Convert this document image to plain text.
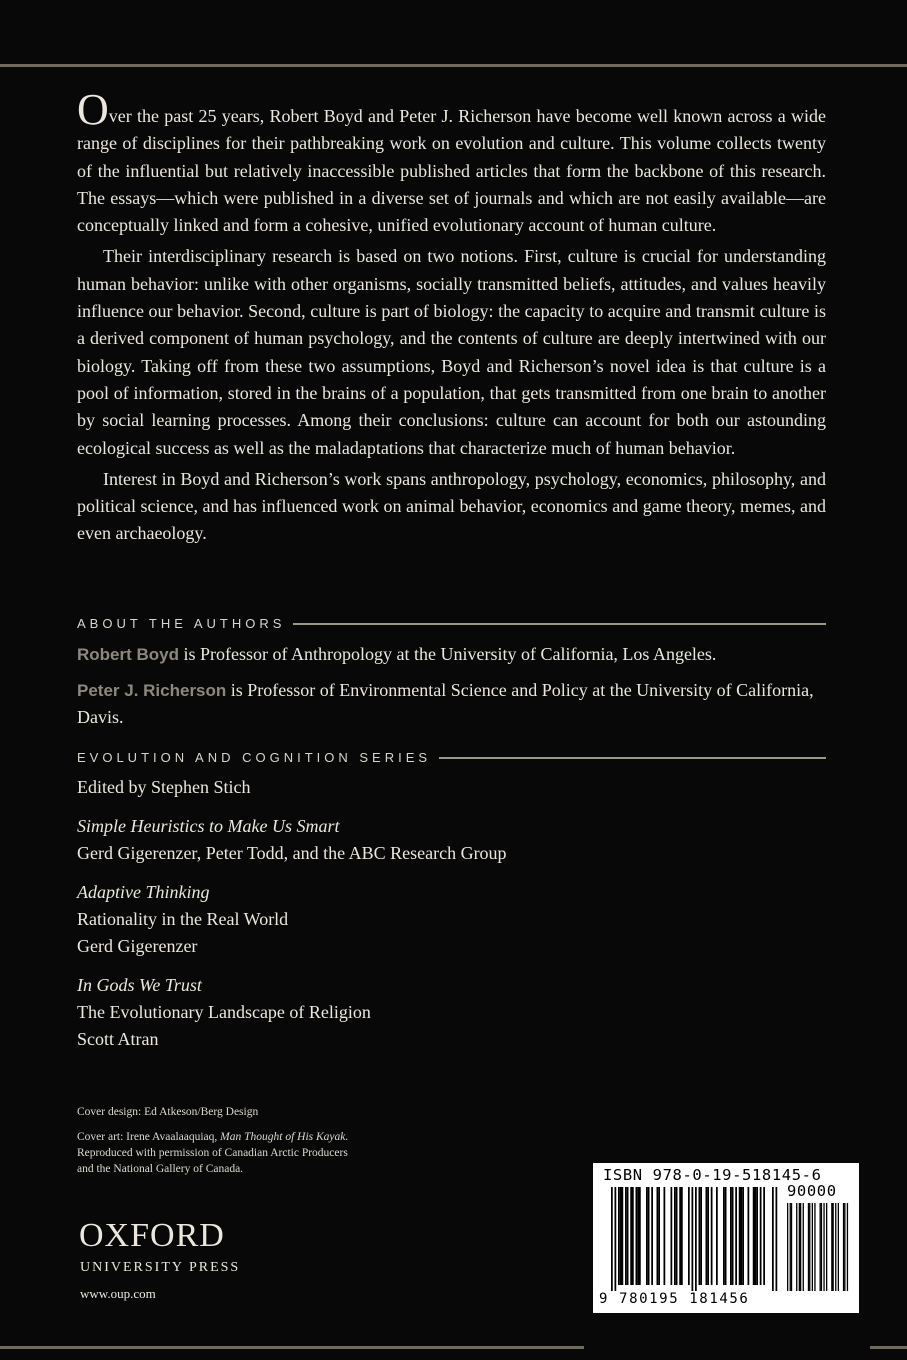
Over the past 25 years, Robert Boyd and Peter J. Richerson have become well known across a wide range of disciplines for their pathbreaking work on evolution and culture. This volume collects twenty of the influential but relatively inaccessible published articles that form the backbone of this research. The essays—which were published in a diverse set of journals and which are not easily available—are conceptually linked and form a cohesive, unified evolutionary account of human culture.

Their interdisciplinary research is based on two notions. First, culture is crucial for understanding human behavior: unlike with other organisms, socially transmitted beliefs, attitudes, and values heavily influence our behavior. Second, culture is part of biology: the capacity to acquire and transmit culture is a derived component of human psychology, and the contents of culture are deeply intertwined with our biology. Taking off from these two assumptions, Boyd and Richerson’s novel idea is that culture is a pool of information, stored in the brains of a population, that gets transmitted from one brain to another by social learning processes. Among their conclusions: culture can account for both our astounding ecological success as well as the maladaptations that characterize much of human behavior.

Interest in Boyd and Richerson’s work spans anthropology, psychology, economics, philosophy, and political science, and has influenced work on animal behavior, economics and game theory, memes, and even archaeology.

ABOUT THE AUTHORS
Robert Boyd is Professor of Anthropology at the University of California, Los Angeles.
Peter J. Richerson is Professor of Environmental Science and Policy at the University of California, Davis.
EVOLUTION AND COGNITION SERIES
Edited by Stephen Stich
Simple Heuristics to Make Us Smart
Gerd Gigerenzer, Peter Todd, and the ABC Research Group
Adaptive Thinking
Rationality in the Real World
Gerd Gigerenzer
In Gods We Trust
The Evolutionary Landscape of Religion
Scott Atran
Cover design: Ed Atkeson/Berg Design
Cover art: Irene Avaalaaquiaq, Man Thought of His Kayak.
Reproduced with permission of Canadian Arctic Producers
and the National Gallery of Canada.
OXFORD
UNIVERSITY PRESS
www.oup.com
ISBN 978-0-19-518145-6
90000
9 780195 181456
